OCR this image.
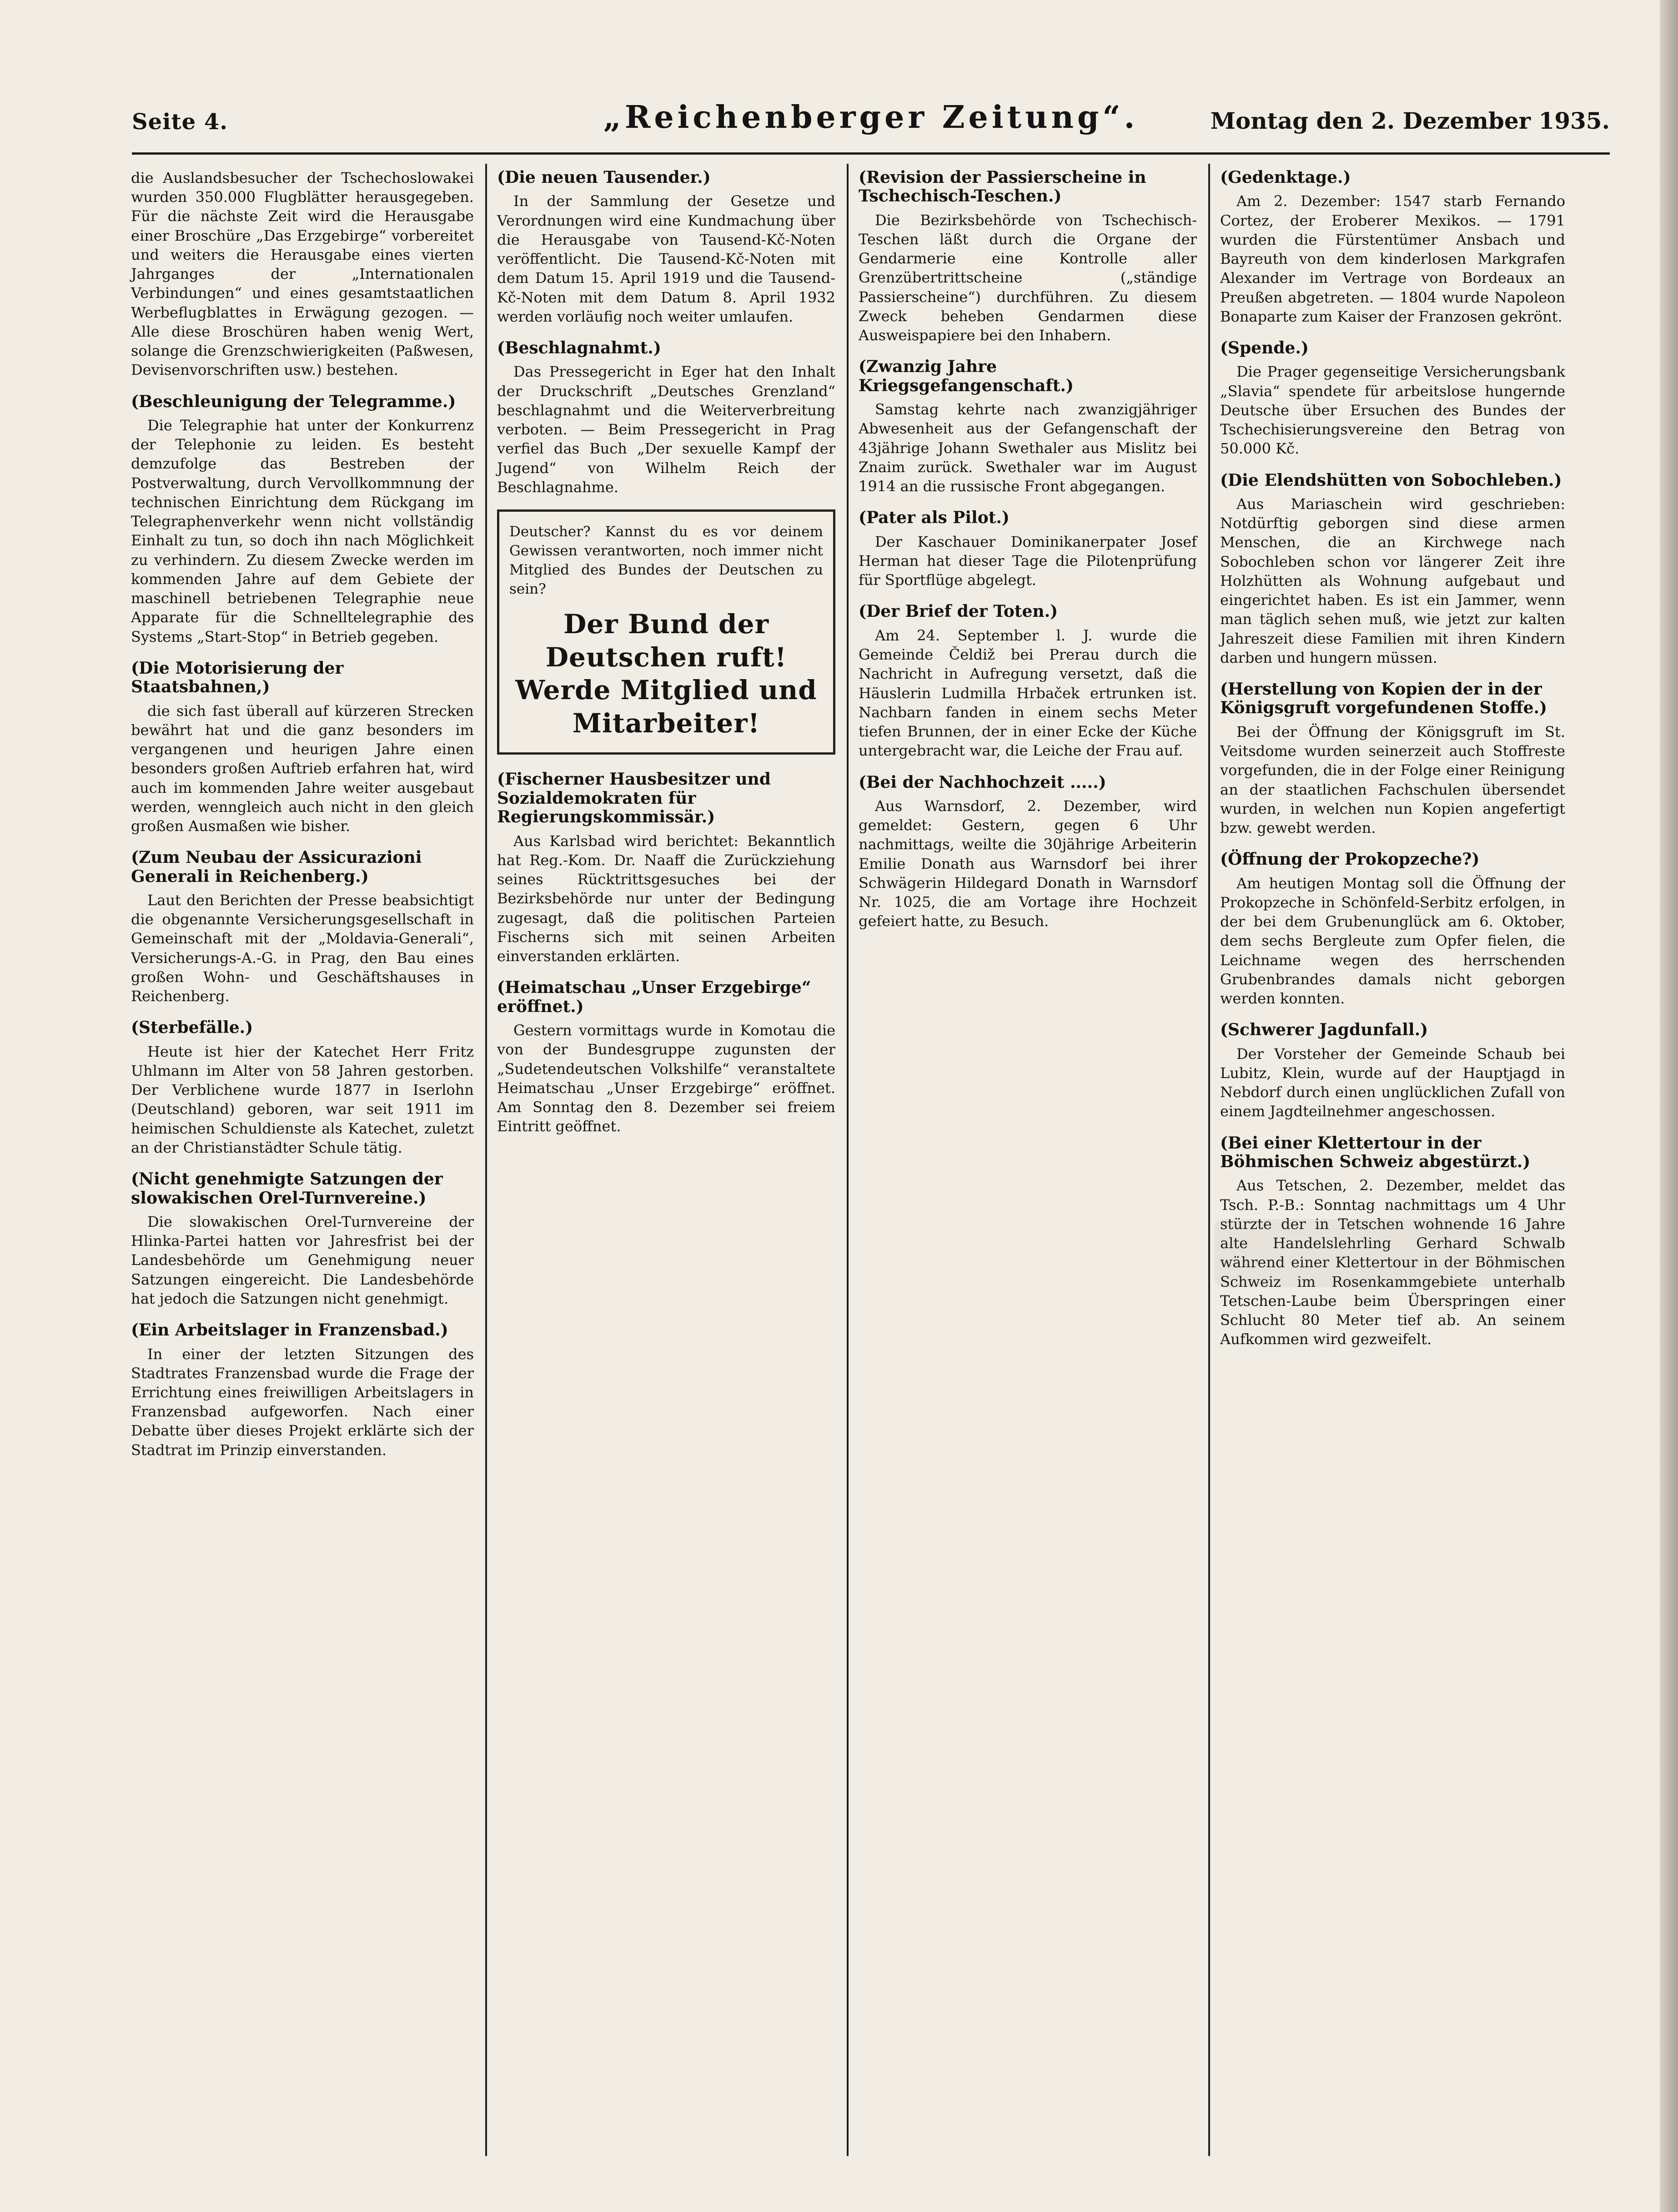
Seite 4.	„Reichenberger Zeitung“.	Montag den 2. Dezember 1935.

die Auslandsbesucher der Tschechoslowakei wurden 350.000 Flugblätter herausgegeben. Für die nächste Zeit wird die Herausgabe einer Broschüre „Das Erzgebirge“ vorbereitet und weiters die Herausgabe eines vierten Jahrganges der „Internationalen Verbindungen“ und eines gesamtstaatlichen Werbeflugblattes in Erwägung gezogen. — Alle diese Broschüren haben wenig Wert, solange die Grenzschwierigkeiten (Paßwesen, Devisenvorschriften usw.) bestehen.

(Beschleunigung der Telegramme.)

Die Telegraphie hat unter der Konkurrenz der Telephonie zu leiden. Es besteht demzufolge das Bestreben der Postverwaltung, durch Vervollkommnung der technischen Einrichtung dem Rückgang im Telegraphenverkehr wenn nicht vollständig Einhalt zu tun, so doch ihn nach Möglichkeit zu verhindern. Zu diesem Zwecke werden im kommenden Jahre auf dem Gebiete der maschinell betriebenen Telegraphie neue Apparate für die Schnelltelegraphie des Systems „Start-Stop“ in Betrieb gegeben.

(Die Motorisierung der Staatsbahnen,)

die sich fast überall auf kürzeren Strecken bewährt hat und die ganz besonders im vergangenen und heurigen Jahre einen besonders großen Auftrieb erfahren hat, wird auch im kommenden Jahre weiter ausgebaut werden, wenngleich auch nicht in den gleich großen Ausmaßen wie bisher.

(Zum Neubau der Assicurazioni Generali in Reichenberg.)

Laut den Berichten der Presse beabsichtigt die obgenannte Versicherungsgesellschaft in Gemeinschaft mit der „Moldavia-Generali“, Versicherungs-A.-G. in Prag, den Bau eines großen Wohn- und Geschäftshauses in Reichenberg.

(Sterbefälle.)

Heute ist hier der Katechet Herr Fritz Uhlmann im Alter von 58 Jahren gestorben. Der Verblichene wurde 1877 in Iserlohn (Deutschland) geboren, war seit 1911 im heimischen Schuldienste als Katechet, zuletzt an der Christianstädter Schule tätig.

(Nicht genehmigte Satzungen der slowakischen Orel-Turnvereine.)

Die slowakischen Orel-Turnvereine der Hlinka-Partei hatten vor Jahresfrist bei der Landesbehörde um Genehmigung neuer Satzungen eingereicht. Die Landesbehörde hat jedoch die Satzungen nicht genehmigt.

(Ein Arbeitslager in Franzensbad.)

In einer der letzten Sitzungen des Stadtrates Franzensbad wurde die Frage der Errichtung eines freiwilligen Arbeitslagers in Franzensbad aufgeworfen. Nach einer Debatte über dieses Projekt erklärte sich der Stadtrat im Prinzip einverstanden.

(Die neuen Tausender.)

In der Sammlung der Gesetze und Verordnungen wird eine Kundmachung über die Herausgabe von Tausend-Kč-Noten veröffentlicht. Die Tausend-Kč-Noten mit dem Datum 15. April 1919 und die Tausend-Kč-Noten mit dem Datum 8. April 1932 werden vorläufig noch weiter umlaufen.

(Beschlagnahmt.)

Das Pressegericht in Eger hat den Inhalt der Druckschrift „Deutsches Grenzland“ beschlagnahmt und die Weiterverbreitung verboten. — Beim Pressegericht in Prag verfiel das Buch „Der sexuelle Kampf der Jugend“ von Wilhelm Reich der Beschlagnahme.

Deutscher? Kannst du es vor deinem Gewissen verantworten, noch immer nicht Mitglied des Bundes der Deutschen zu sein?

Der Bund der Deutschen ruft!

Werde Mitglied und Mitarbeiter!

(Fischerner Hausbesitzer und Sozialdemokraten für Regierungskommissär.)

Aus Karlsbad wird berichtet: Bekanntlich hat Reg.-Kom. Dr. Naaff die Zurückziehung seines Rücktrittsgesuches bei der Bezirksbehörde nur unter der Bedingung zugesagt, daß die politischen Parteien Fischerns sich mit seinen Arbeiten einverstanden erklärten.

(Heimatschau „Unser Erzgebirge“ eröffnet.)

Gestern vormittags wurde in Komotau die von der Bundesgruppe zugunsten der „Sudetendeutschen Volkshilfe“ veranstaltete Heimatschau „Unser Erzgebirge“ eröffnet. Am Sonntag den 8. Dezember sei freiem Eintritt geöffnet.

(Revision der Passierscheine in Tschechisch-Teschen.)

Die Bezirksbehörde von Tschechisch-Teschen läßt durch die Organe der Gendarmerie eine Kontrolle aller Grenzübertrittscheine („ständige Passierscheine“) durchführen. Zu diesem Zweck beheben Gendarmen diese Ausweispapiere bei den Inhabern.

(Zwanzig Jahre Kriegsgefangenschaft.)

Samstag kehrte nach zwanzigjähriger Abwesenheit aus der Gefangenschaft der 43jährige Johann Swethaler aus Mislitz bei Znaim zurück. Swethaler war im August 1914 an die russische Front abgegangen.

(Pater als Pilot.)

Der Kaschauer Dominikanerpater Josef Herman hat dieser Tage die Pilotenprüfung für Sportflüge abgelegt.

(Der Brief der Toten.)

Am 24. September l. J. wurde die Gemeinde Čeldiž bei Prerau durch die Nachricht in Aufregung versetzt, daß die Häuslerin Ludmilla Hrbaček ertrunken ist. Nachbarn fanden in einem sechs Meter tiefen Brunnen, der in einer Ecke der Küche untergebracht war, die Leiche der Frau auf.

(Bei der Nachhochzeit .....)

Aus Warnsdorf, 2. Dezember, wird gemeldet: Gestern, gegen 6 Uhr nachmittags, weilte die 30jährige Arbeiterin Emilie Donath aus Warnsdorf bei ihrer Schwägerin Hildegard Donath in Warnsdorf Nr. 1025, die am Vortage ihre Hochzeit gefeiert hatte, zu Besuch.

(Gedenktage.)

Am 2. Dezember: 1547 starb Fernando Cortez, der Eroberer Mexikos. — 1791 wurden die Fürstentümer Ansbach und Bayreuth von dem kinderlosen Markgrafen Alexander im Vertrage von Bordeaux an Preußen abgetreten. — 1804 wurde Napoleon Bonaparte zum Kaiser der Franzosen gekrönt.

(Spende.)

Die Prager gegenseitige Versicherungsbank „Slavia“ spendete für arbeitslose hungernde Deutsche über Ersuchen des Bundes der Tschechisierungsvereine den Betrag von 50.000 Kč.

(Die Elendshütten von Sobochleben.)

Aus Mariaschein wird geschrieben: Notdürftig geborgen sind diese armen Menschen, die an Kirchwege nach Sobochleben schon vor längerer Zeit ihre Holzhütten als Wohnung aufgebaut und eingerichtet haben. Es ist ein Jammer, wenn man täglich sehen muß, wie jetzt zur kalten Jahreszeit diese Familien mit ihren Kindern darben und hungern müssen.

(Herstellung von Kopien der in der Königsgruft vorgefundenen Stoffe.)

Bei der Öffnung der Königsgruft im St. Veitsdome wurden seinerzeit auch Stoffreste vorgefunden, die in der Folge einer Reinigung an der staatlichen Fachschulen übersendet wurden, in welchen nun Kopien angefertigt bzw. gewebt werden.

(Öffnung der Prokopzeche?)

Am heutigen Montag soll die Öffnung der Prokopzeche in Schönfeld-Serbitz erfolgen, in der bei dem Grubenunglück am 6. Oktober, dem sechs Bergleute zum Opfer fielen, die Leichname wegen des herrschenden Grubenbrandes damals nicht geborgen werden konnten.

(Schwerer Jagdunfall.)

Der Vorsteher der Gemeinde Schaub bei Lubitz, Klein, wurde auf der Hauptjagd in Nebdorf durch einen unglücklichen Zufall von einem Jagdteilnehmer angeschossen.

(Bei einer Klettertour in der Böhmischen Schweiz abgestürzt.)

Aus Tetschen, 2. Dezember, meldet das Tsch. P.-B.: Sonntag nachmittags um 4 Uhr stürzte der in Tetschen wohnende 16 Jahre alte Handelslehrling Gerhard Schwalb während einer Klettertour in der Böhmischen Schweiz im Rosenkammgebiete unterhalb Tetschen-Laube beim Überspringen einer Schlucht 80 Meter tief ab. An seinem Aufkommen wird gezweifelt.
